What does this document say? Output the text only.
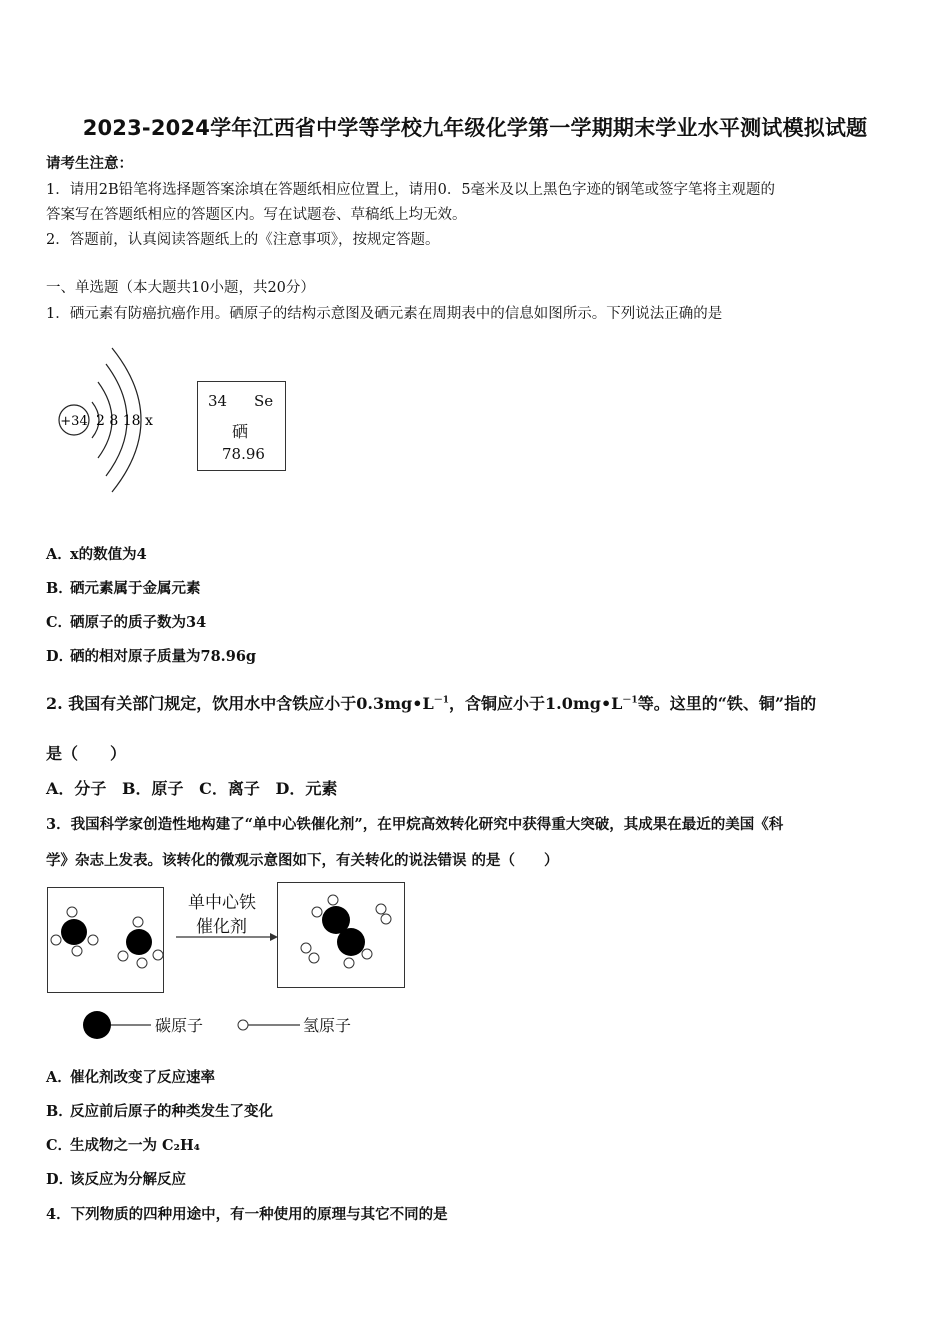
2023-2024学年江西省中学等学校九年级化学第一学期期末学业水平测试模拟试题
请考生注意：
1．请用2B铅笔将选择题答案涂填在答题纸相应位置上，请用0．5毫米及以上黑色字迹的钢笔或签字笔将主观题的
答案写在答题纸相应的答题区内。写在试题卷、草稿纸上均无效。
2．答题前，认真阅读答题纸上的《注意事项》，按规定答题。
一、单选题（本大题共10小题，共20分）
1．硒元素有防癌抗癌作用。硒原子的结构示意图及硒元素在周期表中的信息如图所示。下列说法正确的是
+34 2 8 18 x
34 Se
硒
78.96
A．x的数值为4
B．硒元素属于金属元素
C．硒原子的质子数为34
D．硒的相对原子质量为78.96g
2. 我国有关部门规定，饮用水中含铁应小于$0.3mg•L^{-1}$，含铜应小于$1.0mg•L^{-1}$等。这里的“铁、铜”指的
是（　　）
A．分子 B．原子 C．离子 D．元素
3．我国科学家创造性地构建了“单中心铁催化剂”，在甲烷高效转化研究中获得重大突破，其成果在最近的美国《科
学》杂志上发表。该转化的微观示意图如下，有关转化的说法错误 的是（　　）
单中心铁
催化剂
氢原子
碳原子
A．催化剂改变了反应速率
B．反应前后原子的种类发生了变化
C．生成物之一为 C₂H₄
D．该反应为分解反应
4．下列物质的四种用途中，有一种使用的原理与其它不同的是
